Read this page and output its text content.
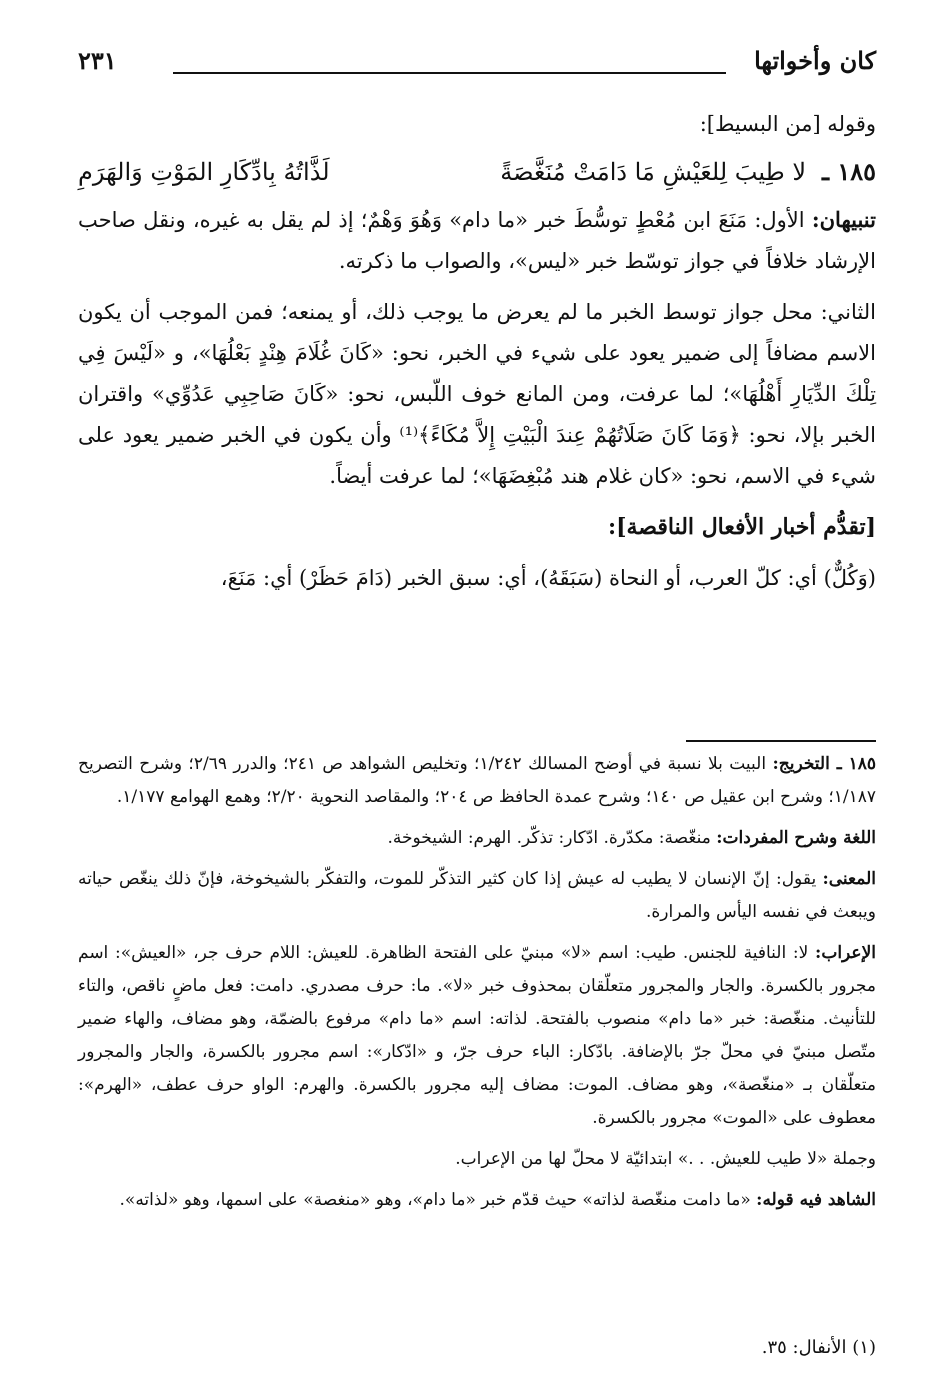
كان وأخواتها
٢٣١

وقوله [من البسيط]:

١٨٥ ـ
لا طِيبَ لِلعَيْشِ مَا دَامَتْ مُنَغَّصَةً
لَذَّاتُهُ بِادِّكَارِ المَوْتِ وَالهَرَمِ

تنبيهان: الأول: مَنَعَ ابن مُعْطٍ توسُّطَ خبر «ما دام» وَهُوَ وَهْمٌ؛ إذ لم يقل به غيره، ونقل صاحب الإرشاد خلافاً في جواز توسّط خبر «ليس»، والصواب ما ذكرته.

الثاني: محل جواز توسط الخبر ما لم يعرض ما يوجب ذلك، أو يمنعه؛ فمن الموجب أن يكون الاسم مضافاً إلى ضمير يعود على شيء في الخبر، نحو: «كَانَ غُلَامَ هِنْدٍ بَعْلُهَا»، و «لَيْسَ فِي تِلْكَ الدِّيَارِ أَهْلُهَا»؛ لما عرفت، ومن المانع خوف اللّبس، نحو: «كَانَ صَاحِبِي عَدُوِّي» واقتران الخبر بإلا، نحو: ﴿وَمَا كَانَ صَلَاتُهُمْ عِندَ الْبَيْتِ إِلاَّ مُكَاءً﴾⁽¹⁾ وأن يكون في الخبر ضمير يعود على شيء في الاسم، نحو: «كان غلام هند مُبْغِضَهَا»؛ لما عرفت أيضاً.

[تقدُّم أخبار الأفعال الناقصة]:

(وَكُلٌّ) أي: كلّ العرب، أو النحاة (سَبَقَهُ)، أي: سبق الخبر (دَامَ حَظَرْ) أي: مَنَعَ،

١٨٥ ـ التخريج: البيت بلا نسبة في أوضح المسالك ١/٢٤٢؛ وتخليص الشواهد ص ٢٤١؛ والدرر ٢/٦٩؛ وشرح التصريح ١/١٨٧؛ وشرح ابن عقيل ص ١٤٠؛ وشرح عمدة الحافظ ص ٢٠٤؛ والمقاصد النحوية ٢/٢٠؛ وهمع الهوامع ١/١٧٧.

اللغة وشرح المفردات: منغّصة: مكدّرة. ادّكار: تذكّر. الهرم: الشيخوخة.

المعنى: يقول: إنّ الإنسان لا يطيب له عيش إذا كان كثير التذكّر للموت، والتفكّر بالشيخوخة، فإنّ ذلك ينغّص حياته ويبعث في نفسه اليأس والمرارة.

الإعراب: لا: النافية للجنس. طيب: اسم «لا» مبنيّ على الفتحة الظاهرة. للعيش: اللام حرف جر، «العيش»: اسم مجرور بالكسرة. والجار والمجرور متعلّقان بمحذوف خبر «لا». ما: حرف مصدري. دامت: فعل ماضٍ ناقص، والتاء للتأنيث. منغّصة: خبر «ما دام» منصوب بالفتحة. لذاته: اسم «ما دام» مرفوع بالضمّة، وهو مضاف، والهاء ضمير متّصل مبنيّ في محلّ جرّ بالإضافة. بادّكار: الباء حرف جرّ، و «ادّكار»: اسم مجرور بالكسرة، والجار والمجرور متعلّقان بـ «منغّصة»، وهو مضاف. الموت: مضاف إليه مجرور بالكسرة. والهرم: الواو حرف عطف، «الهرم»: معطوف على «الموت» مجرور بالكسرة.

وجملة «لا طيب للعيش. . .» ابتدائيّة لا محلّ لها من الإعراب.

الشاهد فيه قوله: «ما دامت منغّصة لذاته» حيث قدّم خبر «ما دام»، وهو «منغصة» على اسمها، وهو «لذاته».

(١) الأنفال: ٣٥.
